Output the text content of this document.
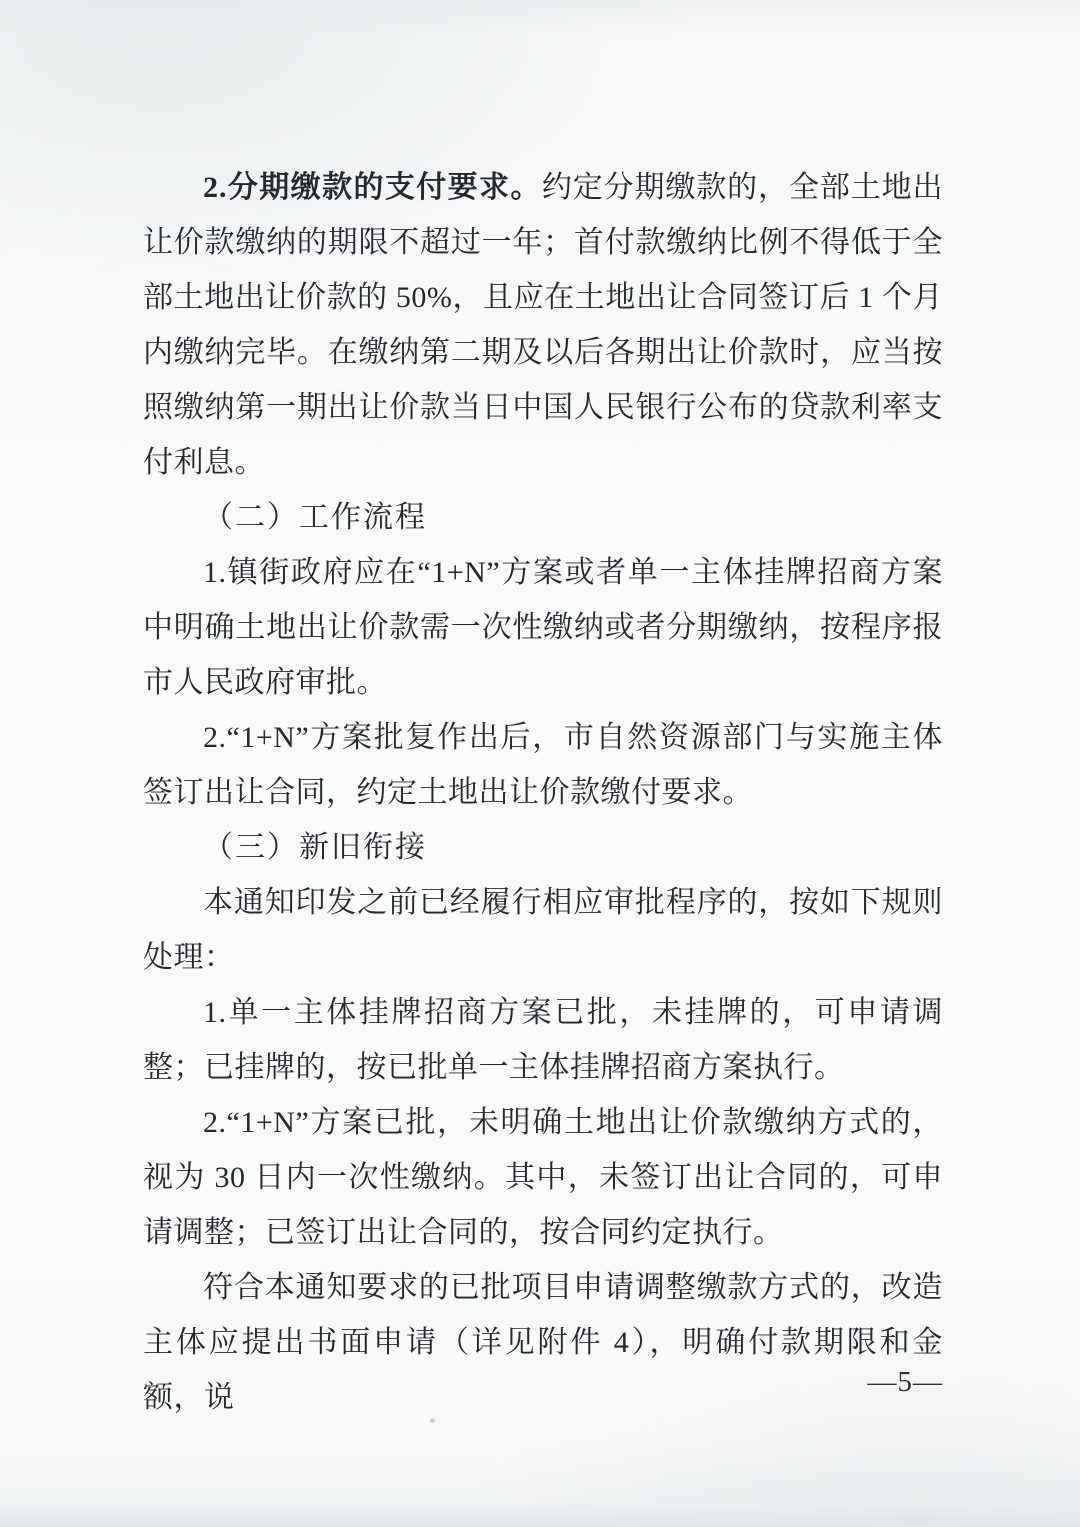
2.分期缴款的支付要求。约定分期缴款的，全部土地出让价款缴纳的期限不超过一年；首付款缴纳比例不得低于全部土地出让价款的 50%，且应在土地出让合同签订后 1 个月内缴纳完毕。在缴纳第二期及以后各期出让价款时，应当按照缴纳第一期出让价款当日中国人民银行公布的贷款利率支付利息。

（二）工作流程

1.镇街政府应在“1+N”方案或者单一主体挂牌招商方案中明确土地出让价款需一次性缴纳或者分期缴纳，按程序报市人民政府审批。

2.“1+N”方案批复作出后，市自然资源部门与实施主体签订出让合同，约定土地出让价款缴付要求。

（三）新旧衔接

本通知印发之前已经履行相应审批程序的，按如下规则处理：

1.单一主体挂牌招商方案已批，未挂牌的，可申请调整；已挂牌的，按已批单一主体挂牌招商方案执行。

2.“1+N”方案已批，未明确土地出让价款缴纳方式的，视为 30 日内一次性缴纳。其中，未签订出让合同的，可申请调整；已签订出让合同的，按合同约定执行。

符合本通知要求的已批项目申请调整缴款方式的，改造主体应提出书面申请（详见附件 4），明确付款期限和金额，说	—5—
